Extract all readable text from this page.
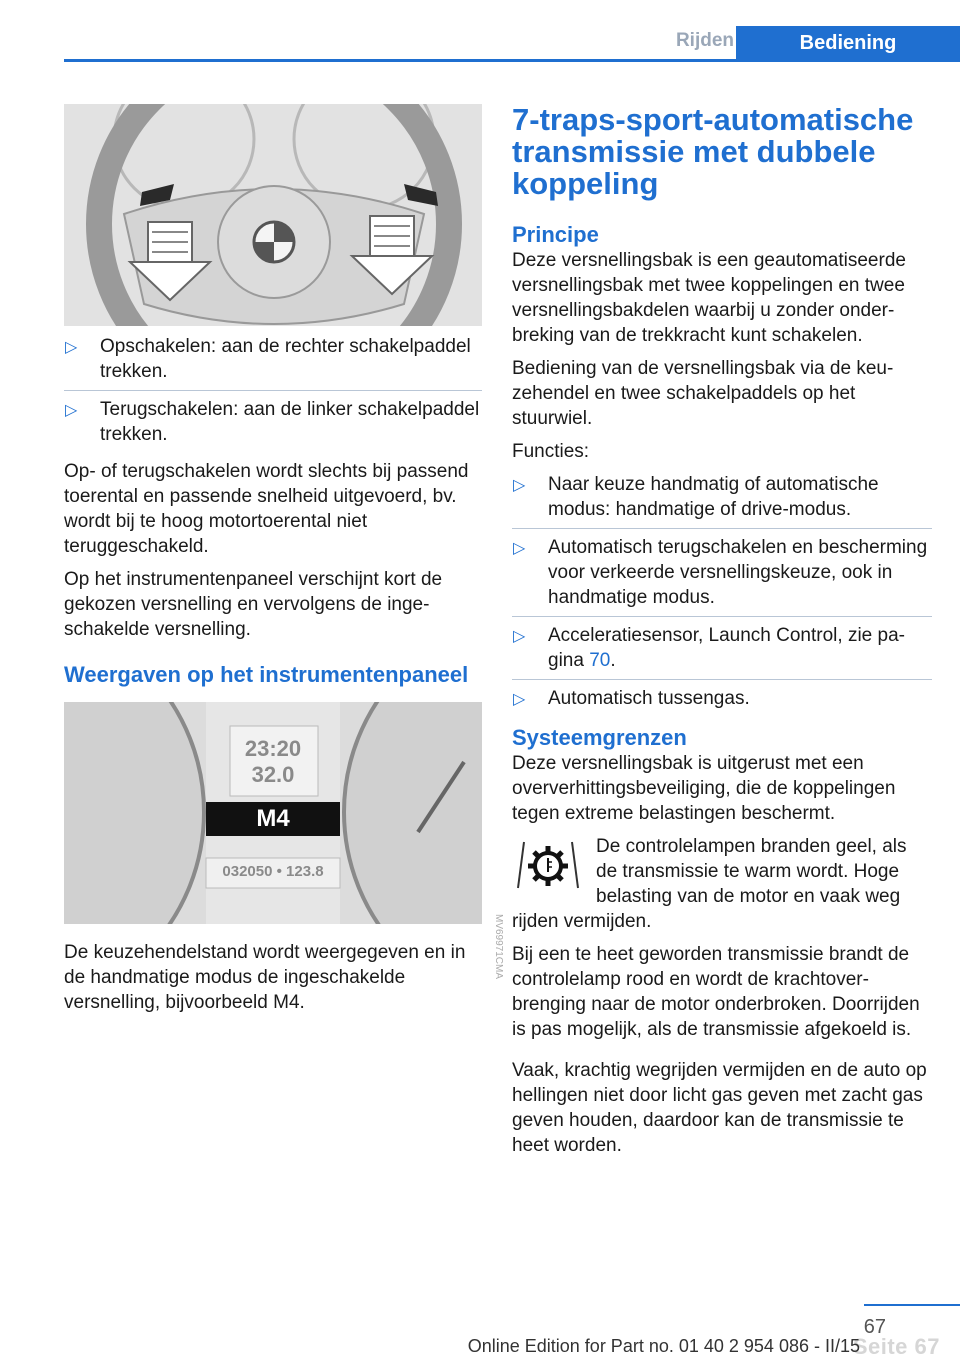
Rijden	Bediening
▷ Opschakelen: aan de rechter schakelpaddel trekken.
▷ Terugschakelen: aan de linker schakelpaddel trekken.

Op- of terugschakelen wordt slechts bij passend toerental en passende snelheid uitgevoerd, bv. wordt bij te hoog motortoerental niet teruggeschakeld.

Op het instrumentenpaneel verschijnt kort de gekozen versnelling en vervolgens de ingeschakelde versnelling.

Weergaven op het instrumentenpaneel
23:20
32.0
M4
032050 • 123.8
MV69971CMA

De keuzehendelstand wordt weergegeven en in de handmatige modus de ingeschakelde versnelling, bijvoorbeeld M4.

7-traps-sport-automatische transmissie met dubbele koppeling
Principe

Deze versnellingsbak is een geautomatiseerde versnellingsbak met twee koppelingen en twee versnellingsbakdelen waarbij u zonder onderbreking van de trekkracht kunt schakelen.

Bediening van de versnellingsbak via de keuzehendel en twee schakelpaddels op het stuurwiel.

Functies:

▷ Naar keuze handmatig of automatische modus: handmatige of drive-modus.
▷ Automatisch terugschakelen en bescherming voor verkeerde versnellingskeuze, ook in handmatige modus.
▷ Acceleratiesensor, Launch Control, zie pagina 70.
▷ Automatisch tussengas.
Systeemgrenzen

Deze versnellingsbak is uitgerust met een oververhittingsbeveiliging, die de koppelingen tegen extreme belastingen beschermt.

De controlelampen branden geel, als de transmissie te warm wordt. Hoge belasting van de motor en vaak weg

rijden vermijden.

Bij een te heet geworden transmissie brandt de controlelamp rood en wordt de krachtoverbrenging naar de motor onderbroken. Doorrijden is pas mogelijk, als de transmissie afgekoeld is.

Vaak, krachtig wegrijden vermijden en de auto op hellingen niet door licht gas geven met zacht gas geven houden, daardoor kan de transmissie te heet worden.

67
Seite 67
Online Edition for Part no. 01 40 2 954 086 - II/15
